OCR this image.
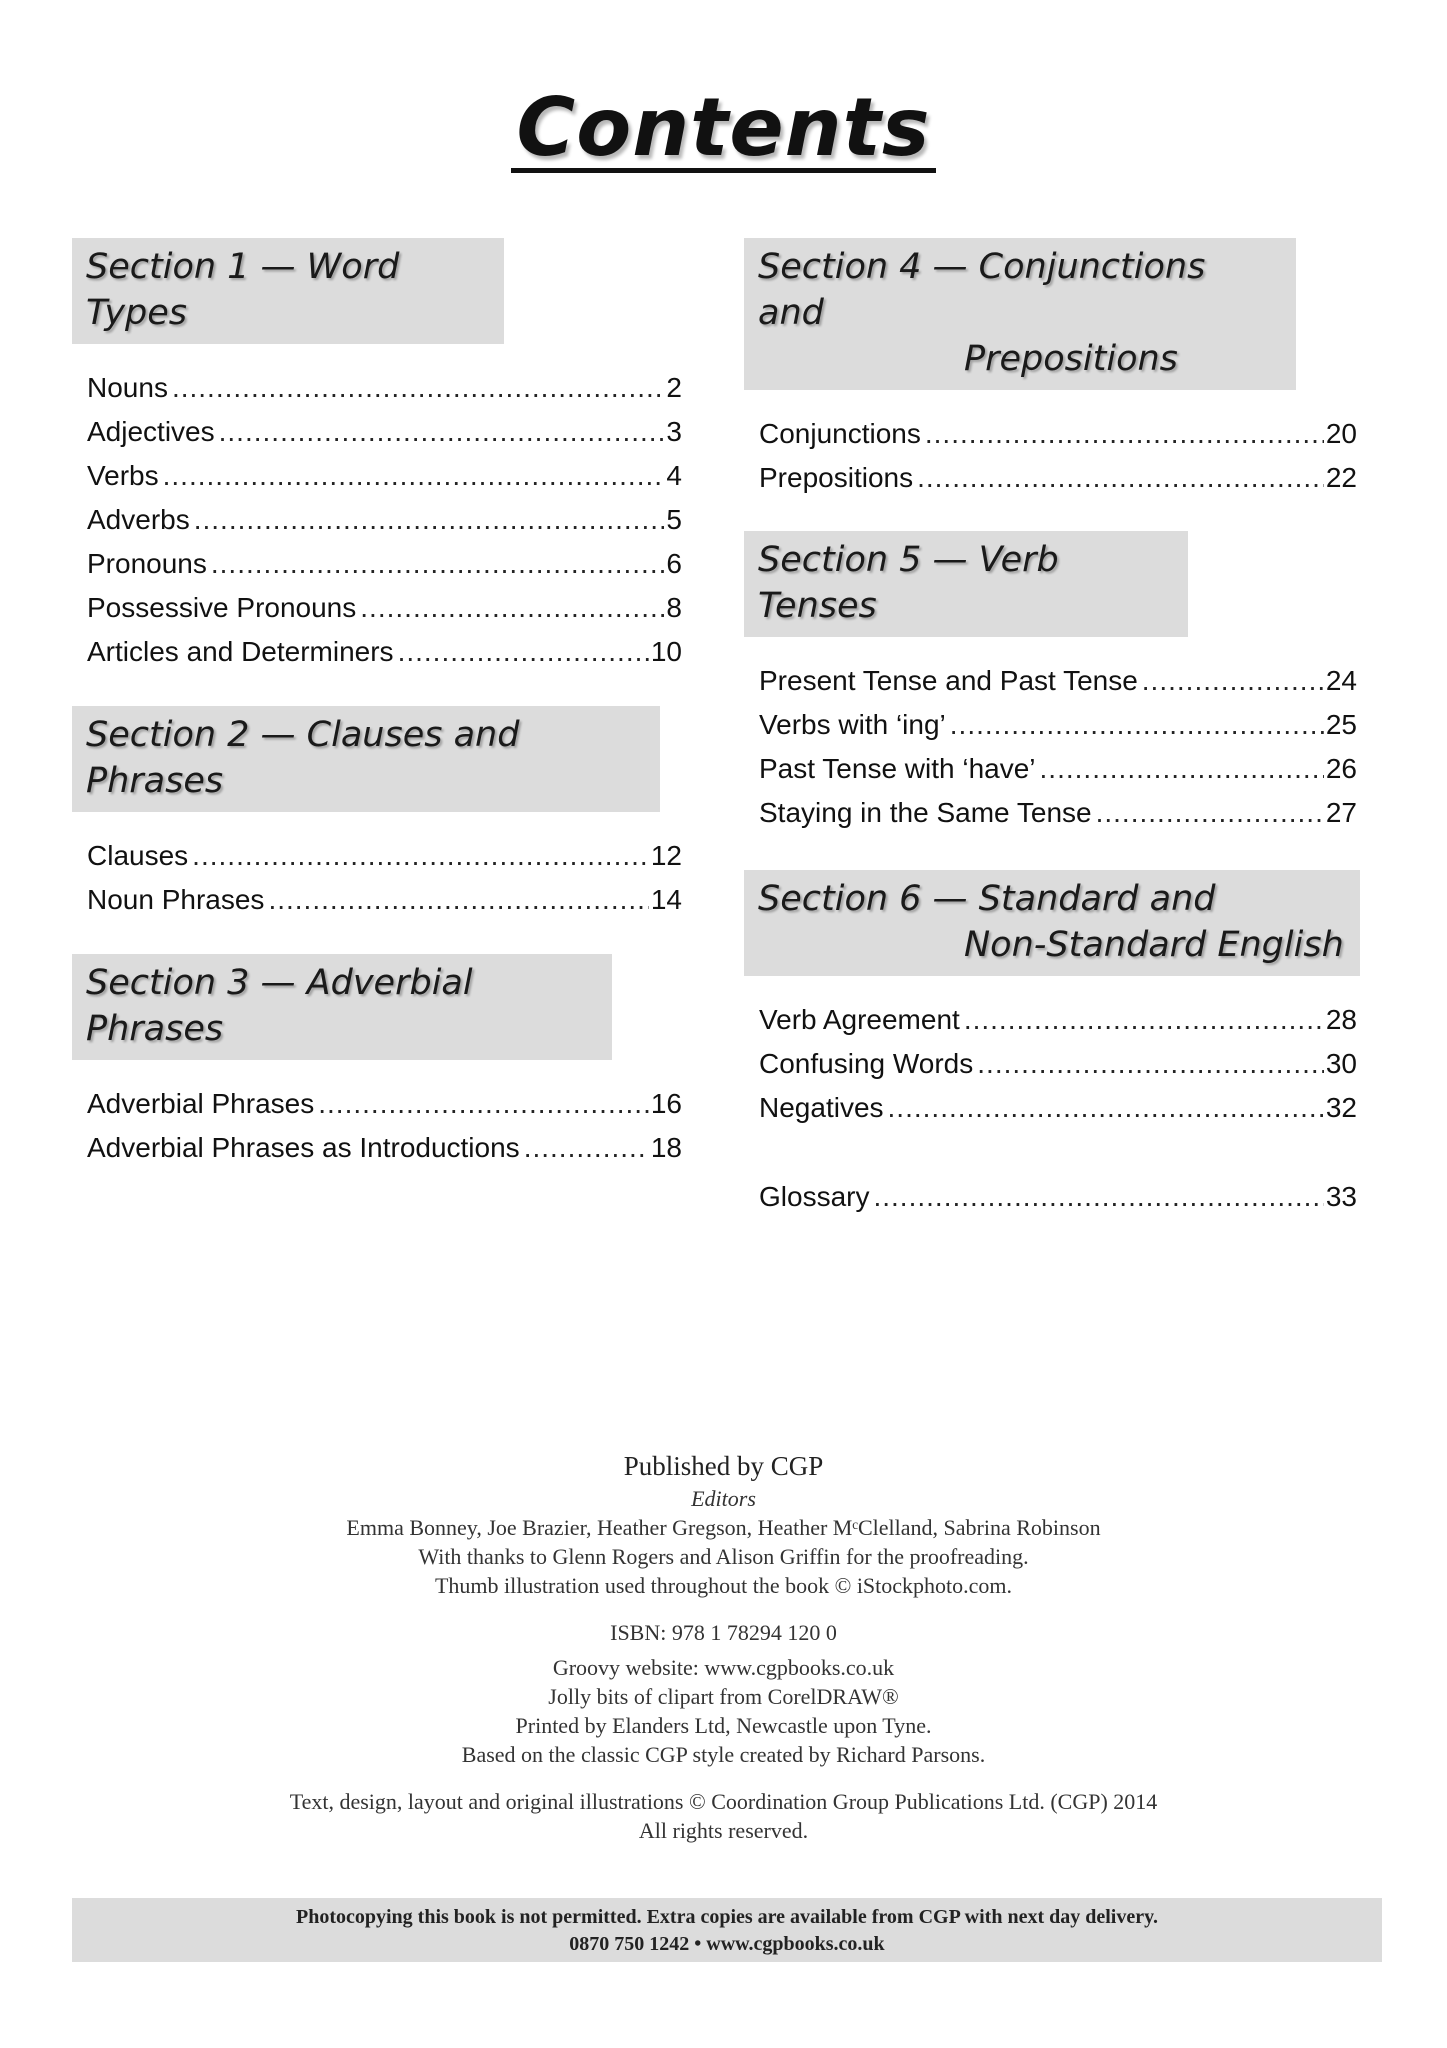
Contents
Section 1 — Word Types
Nouns .....	2
Adjectives .....	3
Verbs .....	4
Adverbs .....	5
Pronouns .....	6
Possessive Pronouns .....	8
Articles and Determiners .....	10
Section 2 — Clauses and Phrases
Clauses .....	12
Noun Phrases .....	14
Section 3 — Adverbial Phrases
Adverbial Phrases .....	16
Adverbial Phrases as Introductions .....	18
Section 4 — Conjunctions and
Prepositions
Conjunctions .....	20
Prepositions .....	22
Section 5 — Verb Tenses
Present Tense and Past Tense .....	24
Verbs with ‘ing’ .....	25
Past Tense with ‘have’ .....	26
Staying in the Same Tense .....	27
Section 6 — Standard and
Non-Standard English
Verb Agreement .....	28
Confusing Words .....	30
Negatives .....	32
Glossary .....	33
Published by CGP
Editors
Emma Bonney, Joe Brazier, Heather Gregson, Heather MᶜClelland, Sabrina Robinson
With thanks to Glenn Rogers and Alison Griffin for the proofreading.
Thumb illustration used throughout the book © iStockphoto.com.
ISBN: 978 1 78294 120 0
Groovy website: www.cgpbooks.co.uk
Jolly bits of clipart from CorelDRAW®
Printed by Elanders Ltd, Newcastle upon Tyne.
Based on the classic CGP style created by Richard Parsons.
Text, design, layout and original illustrations © Coordination Group Publications Ltd. (CGP) 2014
All rights reserved.
Photocopying this book is not permitted. Extra copies are available from CGP with next day delivery.
0870 750 1242 • www.cgpbooks.co.uk
